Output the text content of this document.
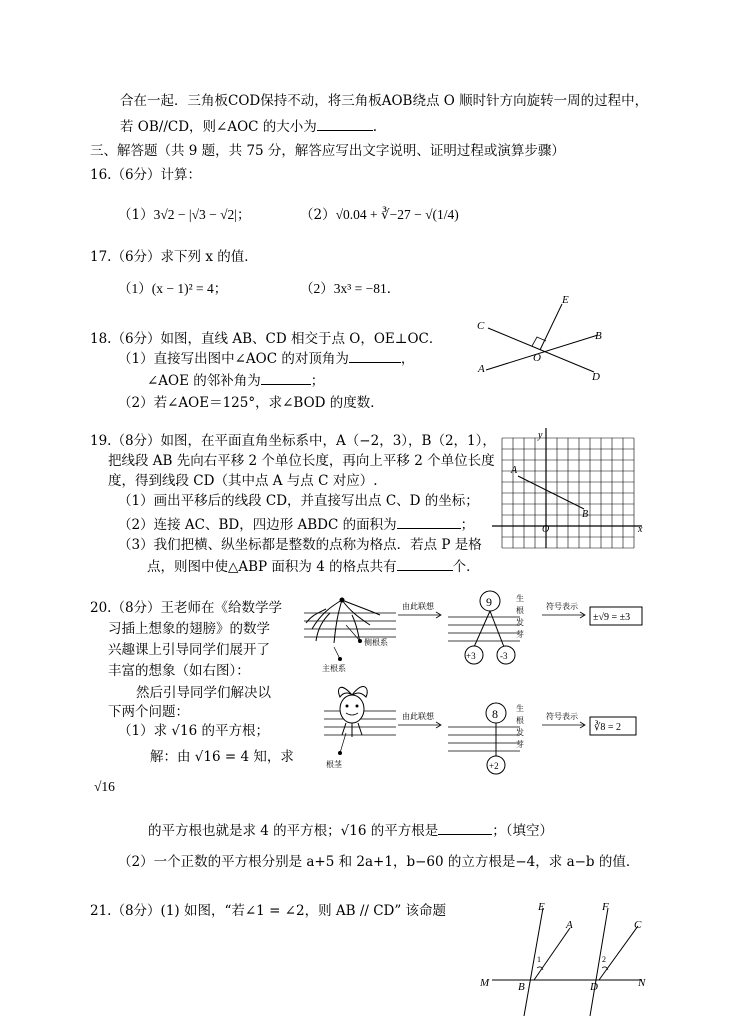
合在一起．三角板COD保持不动，将三角板AOB绕点 O 顺时针方向旋转一周的过程中，
若 OB//CD，则∠AOC 的大小为	.
三、解答题（共 9 题，共 75 分，解答应写出文字说明、证明过程或演算步骤）
16.（6分）计算：
（1）3√2 − |√3 − √2|；	（2）√0.04 + ∛−27 − √(1/4)
17.（6分）求下列 x 的值．
（1）(x − 1)² = 4；	（2）3x³ = −81．
18.（6分）如图，直线 AB、CD 相交于点 O，OE⊥OC．
（1）直接写出图中∠AOC 的对顶角为	，
∠AOE 的邻补角为	；
（2）若∠AOE＝125°，求∠BOD 的度数．
E
C
B
O
A
D
19.（8分）如图，在平面直角坐标系中，A（−2，3），B（2，1），
把线段 AB 先向右平移 2 个单位长度，再向上平移 2 个单位长度
度，得到线段 CD（其中点 A 与点 C 对应）.
（1）画出平移后的线段 CD，并直接写出点 C、D 的坐标；
（2）连接 AC、BD，四边形 ABDC 的面积为	；
（3）我们把横、纵坐标都是整数的点称为格点．若点 P 是格
点，则图中使△ABP 面积为 4 的格点共有	个．
y
x
A
B
O
20.（8分）王老师在《给数学学
习插上想象的翅膀》的数学
兴趣课上引导同学们展开了
丰富的想象（如右图）：
然后引导同学们解决以
下两个问题：
（1）求 √16 的平方根；
解：由 √16 = 4 知，求
√16
的平方根也就是求 4 的平方根；√16 的平方根是	；（填空）
（2）一个正数的平方根分别是 a+5 和 2a+1，b−60 的立方根是−4，求 a−b 的值．
侧根系
主根系
由此联想	9
+3	-3
生
根
发
芽
符号表示
±√9 = ±3
根茎
由此联想	8
+2
生
根
发
芽
符号表示
∛8 = 2
21.（8分）(1) 如图，“若∠1 = ∠2，则 AB // CD” 该命题	E
A
F
C
M	B	D	N
1	2
